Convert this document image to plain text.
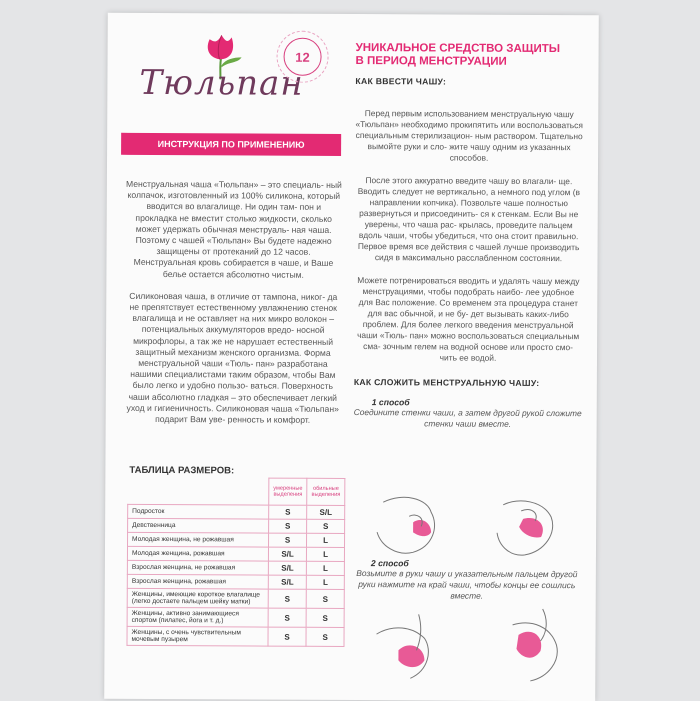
Тюльпан
12
ИНСТРУКЦИЯ ПО ПРИМЕНЕНИЮ

Менструальная чаша «Тюльпан» – это специаль- ный колпачок, изготовленный из 100% силикона, который вводится во влагалище. Ни один там- пон и прокладка не вместит столько жидкости, сколько может удержать обычная менструаль- ная чаша. Поэтому с чашей «Тюльпан» Вы будете надежно защищены от протеканий до 12 часов. Менструальная кровь собирается в чаше, и Ваше белье остается абсолютно чистым.

Силиконовая чаша, в отличие от тампона, никог- да не препятствует естественному увлажнению стенок влагалища и не оставляет на них микро волокон – потенциальных аккумуляторов вредо- носной микрофлоры, а так же не нарушает естественный защитный механизм женского организма. Форма менструальной чаши «Тюль- пан» разработана нашими специалистами таким образом, чтобы Вам было легко и удобно пользо- ваться. Поверхность чаши абсолютно гладкая – это обеспечивает легкий уход и гигиеничность. Силиконовая чаша «Тюльпан» подарит Вам уве- ренность и комфорт.

ТАБЛИЦА РАЗМЕРОВ:
	умеренные выделения	обильные выделения
Подросток	S	S/L
Девственница	S	S
Молодая женщина, не рожавшая	S	L
Молодая женщина, рожавшая	S/L	L
Взрослая женщина, не рожавшая	S/L	L
Взрослая женщина, рожавшая	S/L	L
Женщины, имеющие короткое влагалище (легко достаете пальцем шейку матки)	S	S
Женщины, активно занимающиеся спортом (пилатес, йога и т. д.)	S	S
Женщины, с очень чувствительным мочевым пузырем	S	S
УНИКАЛЬНОЕ СРЕДСТВО ЗАЩИТЫ
В ПЕРИОД МЕНСТРУАЦИИ
КАК ВВЕСТИ ЧАШУ:

Перед первым использованием менструальную чашу «Тюльпан» необходимо прокипятить или воспользоваться специальным стерилизацион- ным раствором. Тщательно вымойте руки и сло- жите чашу одним из указанных способов.

После этого аккуратно введите чашу во влагали- ще. Вводить следует не вертикально, а немного под углом (в направлении копчика). Позвольте чаше полностью развернуться и присоединить- ся к стенкам. Если Вы не уверены, что чаша рас- крылась, проведите пальцем вдоль чаши, чтобы убедиться, что она стоит правильно. Первое время все действия с чашей лучше производить сидя в максимально расслабленном состоянии.

Можете потренироваться вводить и удалять чашу между менструациями, чтобы подобрать наибо- лее удобное для Вас положение. Со временем эта процедура станет для вас обычной, и не бу- дет вызывать каких-либо проблем. Для более легкого введения менструальной чаши «Тюль- пан» можно воспользоваться специальным сма- зочным гелем на водной основе или просто смо- чить ее водой.

КАК СЛОЖИТЬ МЕНСТРУАЛЬНУЮ ЧАШУ:
1 способ
Соедините стенки чаши, а затем другой рукой сложите стенки чаши вместе.
2 способ
Возьмите в руки чашу и указательным пальцем другой руки нажмите на край чаши, чтобы концы ее сошлись вместе.
